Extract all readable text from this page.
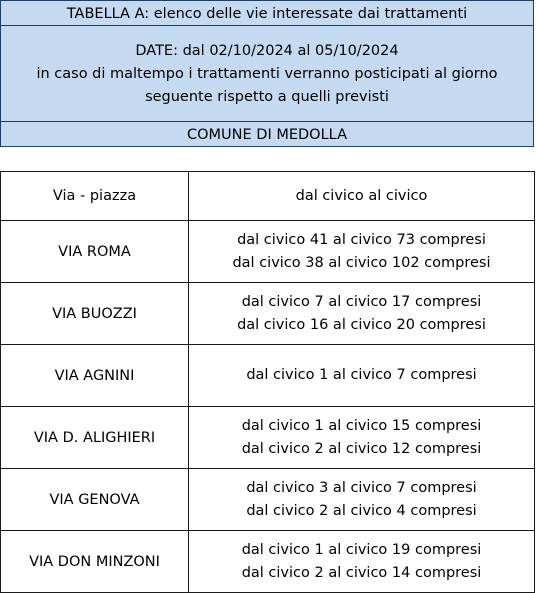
TABELLA A: elenco delle vie interessate dai trattamenti
DATE: dal 02/10/2024 al 05/10/2024
in caso di maltempo i trattamenti verranno posticipati al giorno
seguente rispetto a quelli previsti
COMUNE DI MEDOLLA
Via - piazza	dal civico al civico
VIA ROMA	dal civico 41 al civico 73 compresi
dal civico 38 al civico 102 compresi

VIA BUOZZI	dal civico 7 al civico 17 compresi
dal civico 16 al civico 20 compresi

VIA AGNINI	dal civico 1 al civico 7 compresi

VIA D. ALIGHIERI	dal civico 1 al civico 15 compresi
dal civico 2 al civico 12 compresi

VIA GENOVA	dal civico 3 al civico 7 compresi
dal civico 2 al civico 4 compresi

VIA DON MINZONI	dal civico 1 al civico 19 compresi
dal civico 2 al civico 14 compresi
